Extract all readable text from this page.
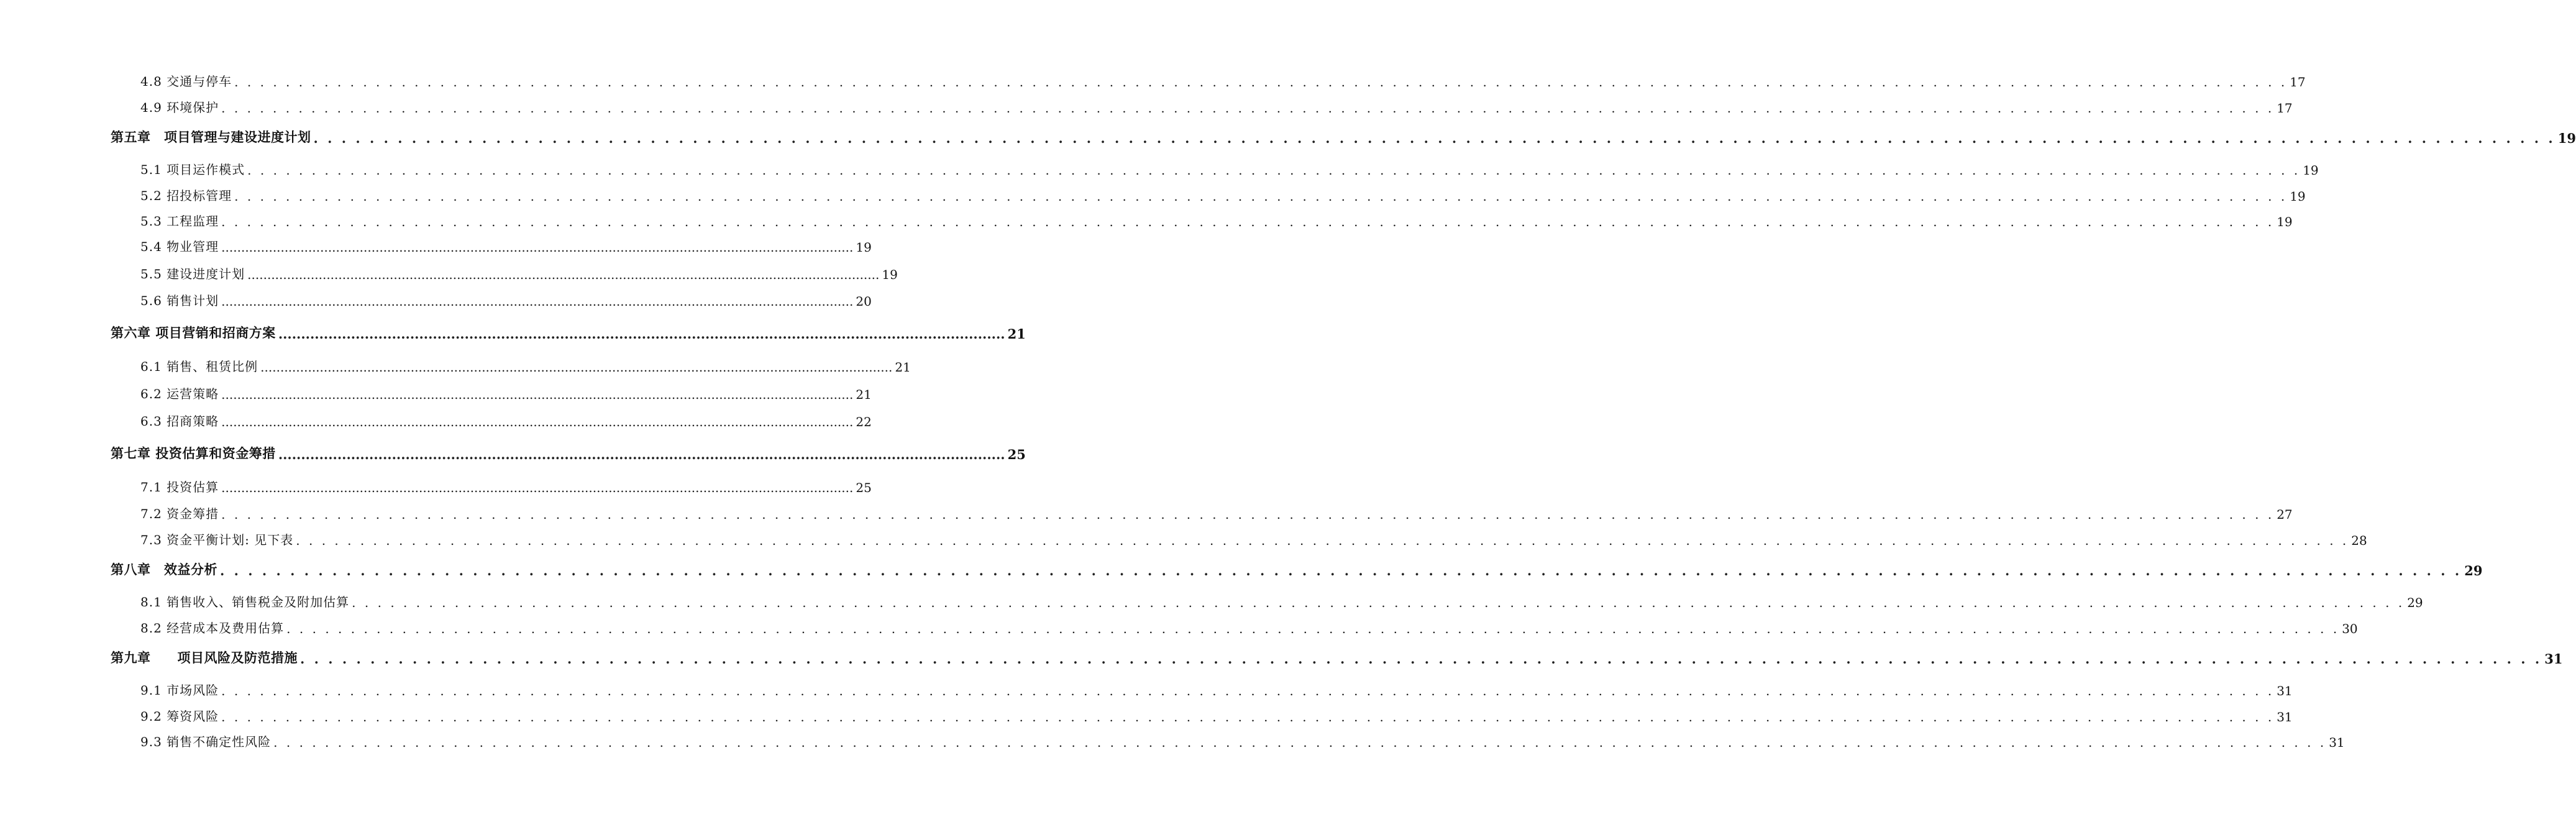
4.8 交通与停车 . . . . . . . . . . . . . . . . . . . . . . . . . . . . . . . . . . . . . . . . . . . . . . . . . . . . . . . . . . . . . . . . . . . . . . . . . . . . . . . . . . . . . . . . . . . . . . . . . . . . . . . . . . . . . . . . . . . . . . . . . . . . . . . . . . . . . . . . . . . . . . . . . . . . . . . . . . . . . . . . 17
4.9 环境保护 . . . . . . . . . . . . . . . . . . . . . . . . . . . . . . . . . . . . . . . . . . . . . . . . . . . . . . . . . . . . . . . . . . . . . . . . . . . . . . . . . . . . . . . . . . . . . . . . . . . . . . . . . . . . . . . . . . . . . . . . . . . . . . . . . . . . . . . . . . . . . . . . . . . . . . . . . . . . . . . . 17
第五章　项目管理与建设进度计划 . . . . . . . . . . . . . . . . . . . . . . . . . . . . . . . . . . . . . . . . . . . . . . . . . . . . . . . . . . . . . . . . . . . . . . . . . . . . . . . . . . . . . . . . . . . . . . . . . . . . . . . . . . . . . . . . . . . . . . . . . . . . . . . . . . . . . . . . . . . . . . . . . . . . . . . . . . . . . . . . 19
5.1 项目运作模式 . . . . . . . . . . . . . . . . . . . . . . . . . . . . . . . . . . . . . . . . . . . . . . . . . . . . . . . . . . . . . . . . . . . . . . . . . . . . . . . . . . . . . . . . . . . . . . . . . . . . . . . . . . . . . . . . . . . . . . . . . . . . . . . . . . . . . . . . . . . . . . . . . . . . . . . . . . . . . . . . 19
5.2 招投标管理 . . . . . . . . . . . . . . . . . . . . . . . . . . . . . . . . . . . . . . . . . . . . . . . . . . . . . . . . . . . . . . . . . . . . . . . . . . . . . . . . . . . . . . . . . . . . . . . . . . . . . . . . . . . . . . . . . . . . . . . . . . . . . . . . . . . . . . . . . . . . . . . . . . . . . . . . . . . . . . . . 19
5.3 工程监理 . . . . . . . . . . . . . . . . . . . . . . . . . . . . . . . . . . . . . . . . . . . . . . . . . . . . . . . . . . . . . . . . . . . . . . . . . . . . . . . . . . . . . . . . . . . . . . . . . . . . . . . . . . . . . . . . . . . . . . . . . . . . . . . . . . . . . . . . . . . . . . . . . . . . . . . . . . . . . . . . 19
5.4 物业管理 ................................................................................................................................................................ 19
5.5 建设进度计划 ................................................................................................................................................................ 19
5.6 销售计划 ................................................................................................................................................................ 20
第六章 项目营销和招商方案 ................................................................................................................................................................ 21
6.1 销售、租赁比例 ................................................................................................................................................................ 21
6.2 运营策略 ................................................................................................................................................................ 21
6.3 招商策略 ................................................................................................................................................................ 22
第七章 投资估算和资金筹措 ................................................................................................................................................................ 25
7.1 投资估算 ................................................................................................................................................................ 25
7.2 资金筹措 . . . . . . . . . . . . . . . . . . . . . . . . . . . . . . . . . . . . . . . . . . . . . . . . . . . . . . . . . . . . . . . . . . . . . . . . . . . . . . . . . . . . . . . . . . . . . . . . . . . . . . . . . . . . . . . . . . . . . . . . . . . . . . . . . . . . . . . . . . . . . . . . . . . . . . . . . . . . . . . . 27
7.3 资金平衡计划: 见下表 . . . . . . . . . . . . . . . . . . . . . . . . . . . . . . . . . . . . . . . . . . . . . . . . . . . . . . . . . . . . . . . . . . . . . . . . . . . . . . . . . . . . . . . . . . . . . . . . . . . . . . . . . . . . . . . . . . . . . . . . . . . . . . . . . . . . . . . . . . . . . . . . . . . . . . . . . . . . . . . . 28
第八章　效益分析 . . . . . . . . . . . . . . . . . . . . . . . . . . . . . . . . . . . . . . . . . . . . . . . . . . . . . . . . . . . . . . . . . . . . . . . . . . . . . . . . . . . . . . . . . . . . . . . . . . . . . . . . . . . . . . . . . . . . . . . . . . . . . . . . . . . . . . . . . . . . . . . . . . . . . . . . . . . . . . . . 29
8.1 销售收入、销售税金及附加估算 . . . . . . . . . . . . . . . . . . . . . . . . . . . . . . . . . . . . . . . . . . . . . . . . . . . . . . . . . . . . . . . . . . . . . . . . . . . . . . . . . . . . . . . . . . . . . . . . . . . . . . . . . . . . . . . . . . . . . . . . . . . . . . . . . . . . . . . . . . . . . . . . . . . . . . . . . . . . . . . . 29
8.2 经营成本及费用估算 . . . . . . . . . . . . . . . . . . . . . . . . . . . . . . . . . . . . . . . . . . . . . . . . . . . . . . . . . . . . . . . . . . . . . . . . . . . . . . . . . . . . . . . . . . . . . . . . . . . . . . . . . . . . . . . . . . . . . . . . . . . . . . . . . . . . . . . . . . . . . . . . . . . . . . . . . . . . . . . . 30
第九章　　项目风险及防范措施 . . . . . . . . . . . . . . . . . . . . . . . . . . . . . . . . . . . . . . . . . . . . . . . . . . . . . . . . . . . . . . . . . . . . . . . . . . . . . . . . . . . . . . . . . . . . . . . . . . . . . . . . . . . . . . . . . . . . . . . . . . . . . . . . . . . . . . . . . . . . . . . . . . . . . . . . . . . . . . . . 31
9.1 市场风险 . . . . . . . . . . . . . . . . . . . . . . . . . . . . . . . . . . . . . . . . . . . . . . . . . . . . . . . . . . . . . . . . . . . . . . . . . . . . . . . . . . . . . . . . . . . . . . . . . . . . . . . . . . . . . . . . . . . . . . . . . . . . . . . . . . . . . . . . . . . . . . . . . . . . . . . . . . . . . . . . 31
9.2 筹资风险 . . . . . . . . . . . . . . . . . . . . . . . . . . . . . . . . . . . . . . . . . . . . . . . . . . . . . . . . . . . . . . . . . . . . . . . . . . . . . . . . . . . . . . . . . . . . . . . . . . . . . . . . . . . . . . . . . . . . . . . . . . . . . . . . . . . . . . . . . . . . . . . . . . . . . . . . . . . . . . . . 31
9.3 销售不确定性风险 . . . . . . . . . . . . . . . . . . . . . . . . . . . . . . . . . . . . . . . . . . . . . . . . . . . . . . . . . . . . . . . . . . . . . . . . . . . . . . . . . . . . . . . . . . . . . . . . . . . . . . . . . . . . . . . . . . . . . . . . . . . . . . . . . . . . . . . . . . . . . . . . . . . . . . . . . . . . . . . . 31
